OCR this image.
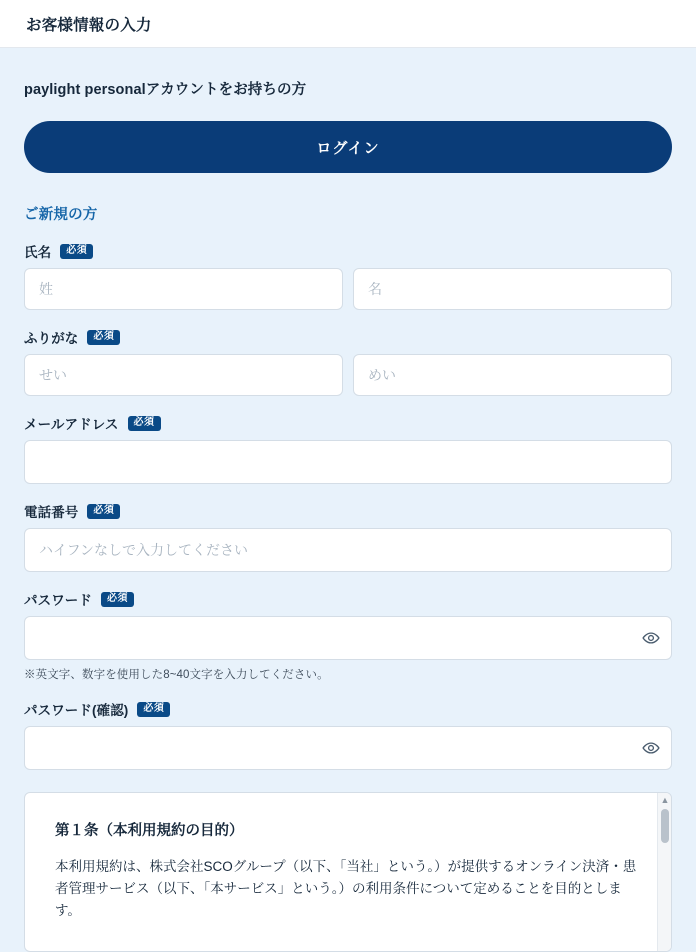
お客様情報の入力
paylight personalアカウントをお持ちの方
ログイン
ご新規の方
氏名	必須
姓
名
ふりがな	必須
せい
めい
メールアドレス	必須
電話番号	必須
ハイフンなしで入力してください
パスワード	必須
※英文字、数字を使用した8~40文字を入力してください。
パスワード(確認)	必須
第１条（本利用規約の目的）

本利用規約は、株式会社SCOグループ（以下、「当社」という。）が提供するオンライン決済・患者管理サービス（以下、「本サービス」という。）の利用条件について定めることを目的とします。

▲
